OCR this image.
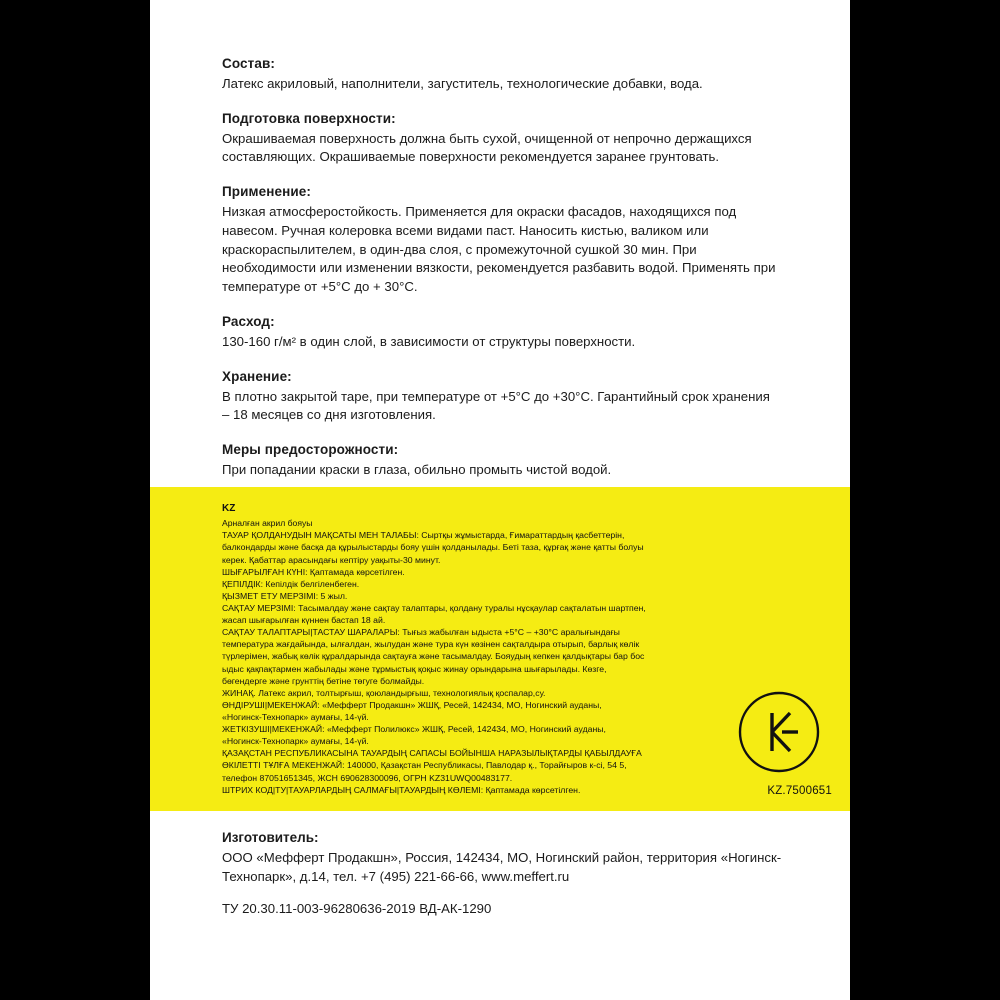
Состав:
Латекс акриловый, наполнители, загуститель, технологические добавки, вода.
Подготовка поверхности:
Окрашиваемая поверхность должна быть сухой, очищенной от непрочно держащихся составляющих. Окрашиваемые поверхности рекомендуется заранее грунтовать.
Применение:
Низкая атмосферостойкость. Применяется для окраски фасадов, находящихся под навесом. Ручная колеровка всеми видами паст. Наносить кистью, валиком или краскораспылителем, в один-два слоя, с промежуточной сушкой 30 мин. При необходимости или изменении вязкости, рекомендуется разбавить водой. Применять при температуре от +5°С до + 30°С.
Расход:
130-160 г/м² в один слой, в зависимости от структуры поверхности.
Хранение:
В плотно закрытой таре, при температуре от +5°С до +30°С. Гарантийный срок хранения – 18 месяцев со дня изготовления.
Меры предосторожности:
При попадании краски в глаза, обильно промыть чистой водой.
KZ
Арналған акрил бояуы

ТАУАР ҚОЛДАНУДЫН МАҚСАТЫ МЕН ТАЛАБЫ: Сыртқы жұмыстарда, Ғимараттардың қасбеттерін,

балкондарды және басқа да құрылыстарды бояу үшін қолданылады. Беті таза, құрғақ және қатты болуы

керек. Қабаттар арасындағы кептіру уақыты-30 минут.

ШЫҒАРЫЛҒАН КҮНІ: Қаптамада көрсетілген.

ҚЕПІЛДІК: Кепілдік белгіленбеген.

ҚЫЗМЕТ ЕТУ МЕРЗІМІ: 5 жыл.

САҚТАУ МЕРЗІМІ: Тасымалдау және сақтау талаптары, қолдану туралы нұсқаулар сақталатын шартпен,

жасап шығарылған күннен бастап 18 ай.

САҚТАУ ТАЛАПТАРЫ|ТАСТАУ ШАРАЛАРЫ: Тығыз жабылған ыдыста +5°С – +30°С аралығындағы

температура жағдайында, ылғалдан, жылудан және тура күн көзінен сақталдыра отырып, барлық көлік

түрлерімен, жабық көлік құралдарында сақтауға және тасымалдау. Бояудың кепкен қалдықтары бар бос

ыдыс қақпақтармен жабылады және тұрмыстық қоқыс жинау орындарына шығарылады. Көзге,

бөгендерге және грунттің бетіне төгуге болмайды.

ЖИНАҚ. Латекс акрил, толтырғыш, қоюландырғыш, технологиялық қоспалар,су.

ӨНДІРУШІ|МЕКЕНЖАЙ: «Мефферт Продакшн» ЖШҚ, Ресей, 142434, МО, Ногинский ауданы,

«Ногинск-Технопарк» аумағы, 14-үй.

ЖЕТКІЗУШІ|МЕКЕНЖАЙ: «Мефферт Полилюкс» ЖШҚ, Ресей, 142434, МО, Ногинский ауданы,

«Ногинск-Технопарк» аумағы, 14-үй.

ҚАЗАҚСТАН РЕСПУБЛИКАСЫНА ТАУАРДЫҢ САПАСЫ БОЙЫНША НАРАЗЫЛЫҚТАРДЫ ҚАБЫЛДАУҒА

ӨКІЛЕТТІ ТҰЛҒА МЕКЕНЖАЙ: 140000, Қазақстан Республикасы, Павлодар қ., Торайғыров к-сі, 54 5,

телефон 87051651345, ЖСН 690628300096, ОГРН KZ31UWQ00483177.

ШТРИХ КОД|ТУ|ТАУАРЛАРДЫҢ САЛМАҒЫ|ТАУАРДЫҢ КӨЛЕМІ: Қаптамада көрсетілген.	KZ.7500651
Изготовитель:
ООО «Мефферт Продакшн», Россия, 142434, МО, Ногинский район, территория «Ногинск-Технопарк», д.14, тел. +7 (495) 221-66-66, www.meffert.ru
ТУ 20.30.11-003-96280636-2019 ВД-АК-1290
